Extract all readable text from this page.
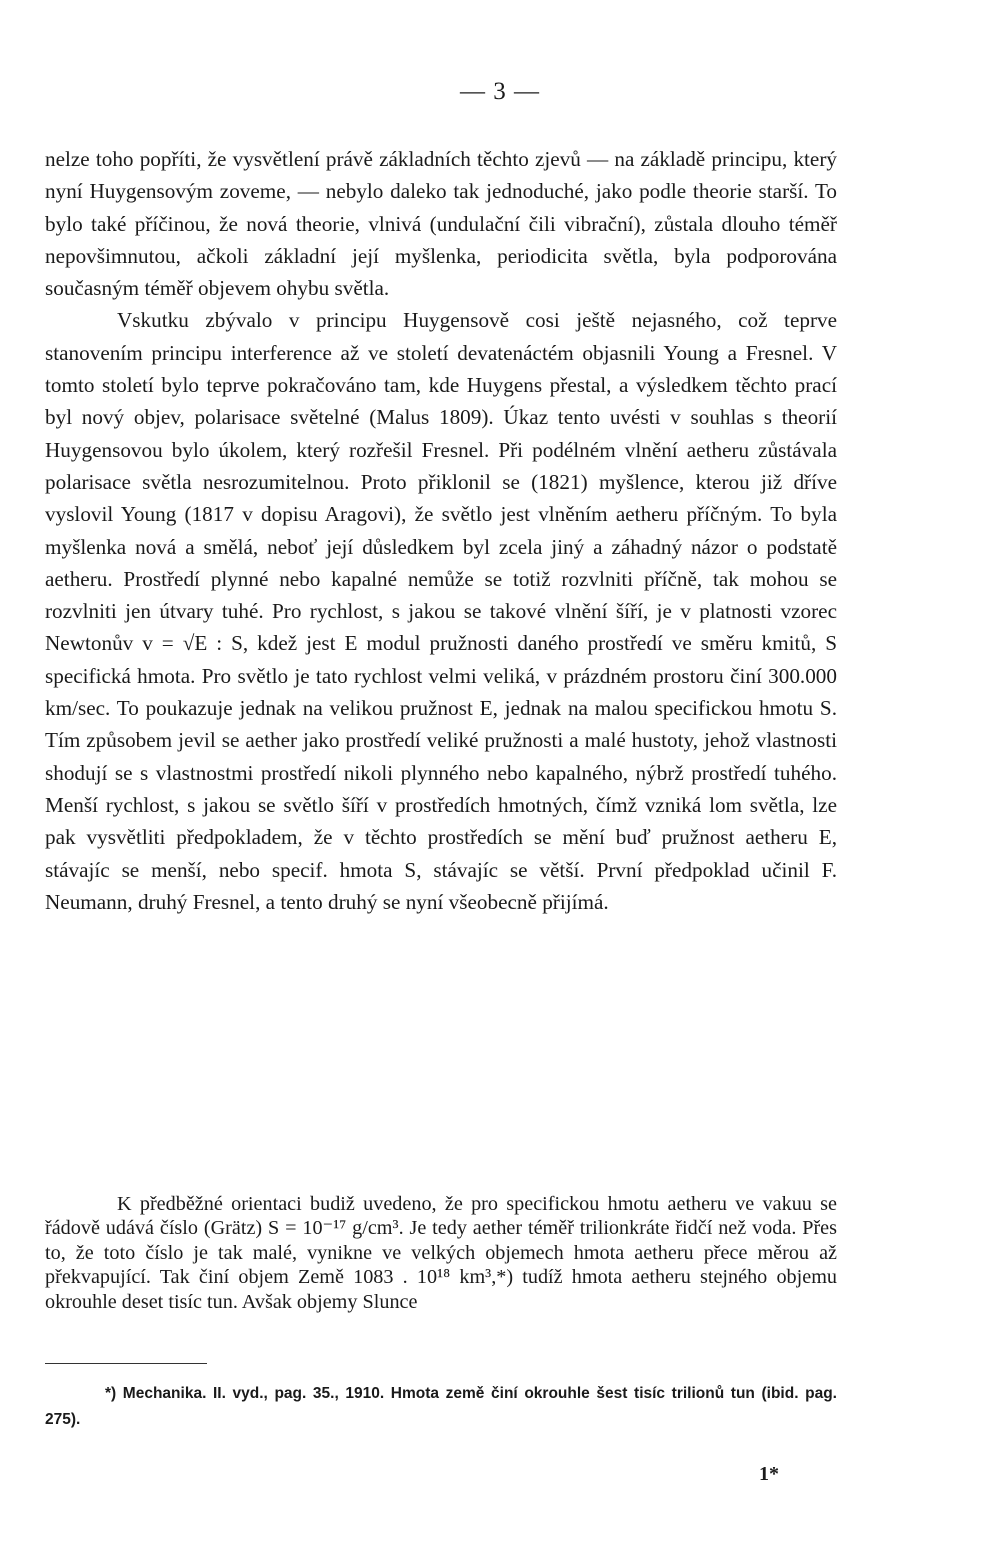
— 3 —

nelze toho popříti, že vysvětlení právě základních těchto zjevů — na základě principu, který nyní Huygensovým zoveme, — nebylo daleko tak jednoduché, jako podle theorie starší. To bylo také příčinou, že nová theorie, vlnivá (undulační čili vibrační), zůstala dlouho téměř nepovšimnutou, ačkoli základní její myšlenka, periodicita světla, byla podporována současným téměř objevem ohybu světla.

Vskutku zbývalo v principu Huygensově cosi ještě nejasného, což teprve stanovením principu interference až ve století devatenáctém objasnili Young a Fresnel. V tomto století bylo teprve pokračováno tam, kde Huygens přestal, a výsledkem těchto prací byl nový objev, polarisace světelné (Malus 1809). Úkaz tento uvésti v souhlas s theorií Huygensovou bylo úkolem, který rozřešil Fresnel. Při podélném vlnění aetheru zůstávala polarisace světla nesrozumitelnou. Proto přiklonil se (1821) myšlence, kterou již dříve vyslovil Young (1817 v dopisu Aragovi), že světlo jest vlněním aetheru příčným. To byla myšlenka nová a smělá, neboť její důsledkem byl zcela jiný a záhadný názor o podstatě aetheru. Prostředí plynné nebo kapalné nemůže se totiž rozvlniti příčně, tak mohou se rozvlniti jen útvary tuhé. Pro rychlost, s jakou se takové vlnění šíří, je v platnosti vzorec Newtonův v = √E : S, kdež jest E modul pružnosti daného prostředí ve směru kmitů, S specifická hmota. Pro světlo je tato rychlost velmi veliká, v prázdném prostoru činí 300.000 km/sec. To poukazuje jednak na velikou pružnost E, jednak na malou specifickou hmotu S. Tím způsobem jevil se aether jako prostředí veliké pružnosti a malé hustoty, jehož vlastnosti shodují se s vlastnostmi prostředí nikoli plynného nebo kapalného, nýbrž prostředí tuhého. Menší rychlost, s jakou se světlo šíří v prostředích hmotných, čímž vzniká lom světla, lze pak vysvětliti předpokladem, že v těchto prostředích se mění buď pružnost aetheru E, stávajíc se menší, nebo specif. hmota S, stávajíc se větší. První předpoklad učinil F. Neumann, druhý Fresnel, a tento druhý se nyní všeobecně přijímá.

K předběžné orientaci budiž uvedeno, že pro specifickou hmotu aetheru ve vakuu se řádově udává číslo (Grätz) S = 10⁻¹⁷ g/cm³. Je tedy aether téměř trilionkráte řidčí než voda. Přes to, že toto číslo je tak malé, vynikne ve velkých objemech hmota aetheru přece měrou až překvapující. Tak činí objem Země 1083 . 10¹⁸ km³,*) tudíž hmota aetheru stejného objemu okrouhle deset tisíc tun. Avšak objemy Slunce

*) Mechanika. II. vyd., pag. 35., 1910. Hmota země činí okrouhle šest tisíc trilionů tun (ibid. pag. 275).

1*
